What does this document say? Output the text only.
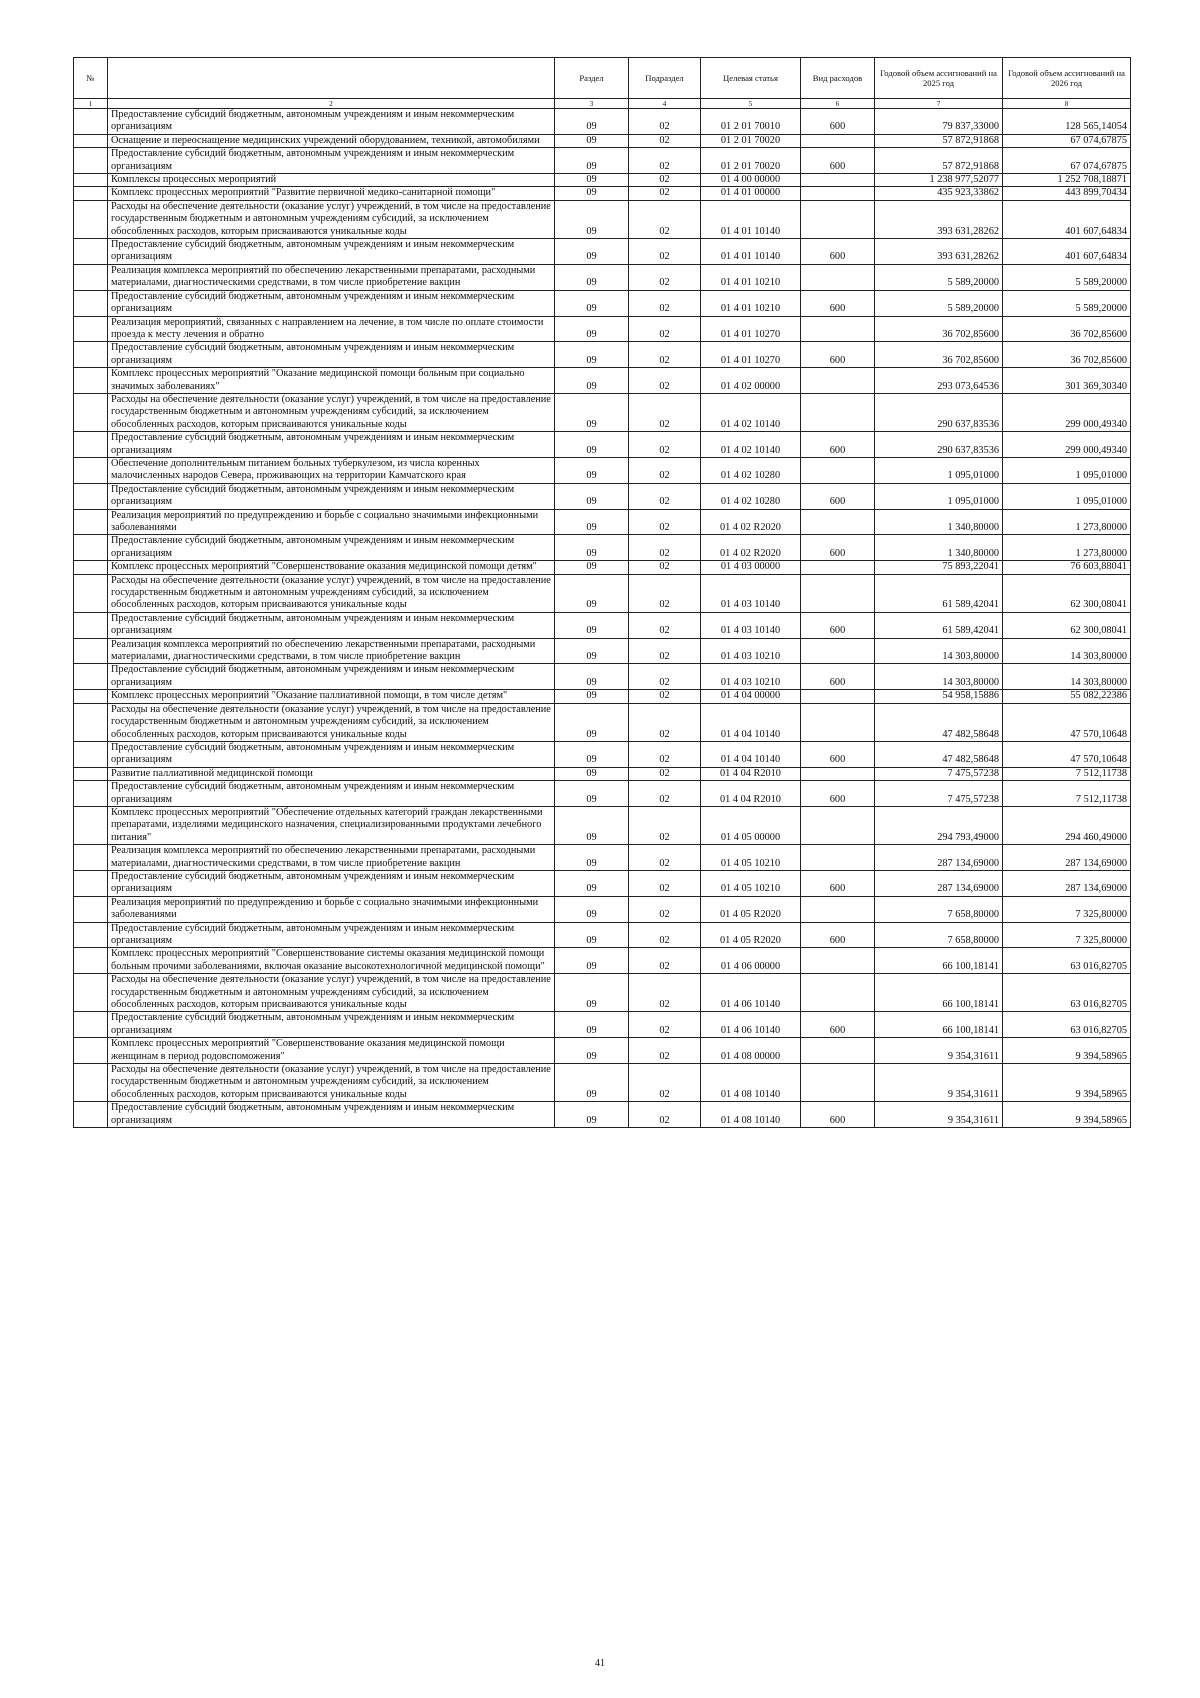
№		Раздел	Подраздел	Целевая статья	Вид расходов	Годовой объем ассигнований на 2025 год	Годовой объем ассигнований на 2026 год
1	2	3	4	5	6	7	8
	Предоставление субсидий бюджетным, автономным учреждениям и иным некоммерческим организациям	09	02	01 2 01 70010	600	79 837,33000	128 565,14054
	Оснащение и переоснащение медицинских учреждений оборудованием, техникой, автомобилями	09	02	01 2 01 70020		57 872,91868	67 074,67875
	Предоставление субсидий бюджетным, автономным учреждениям и иным некоммерческим организациям	09	02	01 2 01 70020	600	57 872,91868	67 074,67875
	Комплексы процессных мероприятий	09	02	01 4 00 00000		1 238 977,52077	1 252 708,18871
	Комплекс процессных мероприятий "Развитие первичной медико-санитарной помощи"	09	02	01 4 01 00000		435 923,33862	443 899,70434
	Расходы на обеспечение деятельности (оказание услуг) учреждений, в том числе на предоставление государственным бюджетным и автономным учреждениям субсидий, за исключением обособленных расходов, которым присваиваются уникальные коды	09	02	01 4 01 10140		393 631,28262	401 607,64834
	Предоставление субсидий бюджетным, автономным учреждениям и иным некоммерческим организациям	09	02	01 4 01 10140	600	393 631,28262	401 607,64834
	Реализация комплекса мероприятий по обеспечению лекарственными препаратами, расходными материалами, диагностическими средствами, в том числе приобретение вакцин	09	02	01 4 01 10210		5 589,20000	5 589,20000
	Предоставление субсидий бюджетным, автономным учреждениям и иным некоммерческим организациям	09	02	01 4 01 10210	600	5 589,20000	5 589,20000
	Реализация мероприятий, связанных с направлением на лечение, в том числе по оплате стоимости проезда к месту лечения и обратно	09	02	01 4 01 10270		36 702,85600	36 702,85600
	Предоставление субсидий бюджетным, автономным учреждениям и иным некоммерческим организациям	09	02	01 4 01 10270	600	36 702,85600	36 702,85600
	Комплекс процессных мероприятий "Оказание медицинской помощи больным при социально значимых заболеваниях"	09	02	01 4 02 00000		293 073,64536	301 369,30340
	Расходы на обеспечение деятельности (оказание услуг) учреждений, в том числе на предоставление государственным бюджетным и автономным учреждениям субсидий, за исключением обособленных расходов, которым присваиваются уникальные коды	09	02	01 4 02 10140		290 637,83536	299 000,49340
	Предоставление субсидий бюджетным, автономным учреждениям и иным некоммерческим организациям	09	02	01 4 02 10140	600	290 637,83536	299 000,49340
	Обеспечение дополнительным питанием больных туберкулезом, из числа коренных малочисленных народов Севера, проживающих на территории Камчатского края	09	02	01 4 02 10280		1 095,01000	1 095,01000
	Предоставление субсидий бюджетным, автономным учреждениям и иным некоммерческим организациям	09	02	01 4 02 10280	600	1 095,01000	1 095,01000
	Реализация мероприятий по предупреждению и борьбе с социально значимыми инфекционными заболеваниями	09	02	01 4 02 R2020		1 340,80000	1 273,80000
	Предоставление субсидий бюджетным, автономным учреждениям и иным некоммерческим организациям	09	02	01 4 02 R2020	600	1 340,80000	1 273,80000
	Комплекс процессных мероприятий "Совершенствование оказания медицинской помощи детям"	09	02	01 4 03 00000		75 893,22041	76 603,88041
	Расходы на обеспечение деятельности (оказание услуг) учреждений, в том числе на предоставление государственным бюджетным и автономным учреждениям субсидий, за исключением обособленных расходов, которым присваиваются уникальные коды	09	02	01 4 03 10140		61 589,42041	62 300,08041
	Предоставление субсидий бюджетным, автономным учреждениям и иным некоммерческим организациям	09	02	01 4 03 10140	600	61 589,42041	62 300,08041
	Реализация комплекса мероприятий по обеспечению лекарственными препаратами, расходными материалами, диагностическими средствами, в том числе приобретение вакцин	09	02	01 4 03 10210		14 303,80000	14 303,80000
	Предоставление субсидий бюджетным, автономным учреждениям и иным некоммерческим организациям	09	02	01 4 03 10210	600	14 303,80000	14 303,80000
	Комплекс процессных мероприятий "Оказание паллиативной помощи, в том числе детям"	09	02	01 4 04 00000		54 958,15886	55 082,22386
	Расходы на обеспечение деятельности (оказание услуг) учреждений, в том числе на предоставление государственным бюджетным и автономным учреждениям субсидий, за исключением обособленных расходов, которым присваиваются уникальные коды	09	02	01 4 04 10140		47 482,58648	47 570,10648
	Предоставление субсидий бюджетным, автономным учреждениям и иным некоммерческим организациям	09	02	01 4 04 10140	600	47 482,58648	47 570,10648
	Развитие паллиативной медицинской помощи	09	02	01 4 04 R2010		7 475,57238	7 512,11738
	Предоставление субсидий бюджетным, автономным учреждениям и иным некоммерческим организациям	09	02	01 4 04 R2010	600	7 475,57238	7 512,11738
	Комплекс процессных мероприятий "Обеспечение отдельных категорий граждан лекарственными препаратами, изделиями медицинского назначения, специализированными продуктами лечебного питания"	09	02	01 4 05 00000		294 793,49000	294 460,49000
	Реализация комплекса мероприятий по обеспечению лекарственными препаратами, расходными материалами, диагностическими средствами, в том числе приобретение вакцин	09	02	01 4 05 10210		287 134,69000	287 134,69000
	Предоставление субсидий бюджетным, автономным учреждениям и иным некоммерческим организациям	09	02	01 4 05 10210	600	287 134,69000	287 134,69000
	Реализация мероприятий по предупреждению и борьбе с социально значимыми инфекционными заболеваниями	09	02	01 4 05 R2020		7 658,80000	7 325,80000
	Предоставление субсидий бюджетным, автономным учреждениям и иным некоммерческим организациям	09	02	01 4 05 R2020	600	7 658,80000	7 325,80000
	Комплекс процессных мероприятий "Совершенствование системы оказания медицинской помощи больным прочими заболеваниями, включая оказание высокотехнологичной медицинской помощи"	09	02	01 4 06 00000		66 100,18141	63 016,82705
	Расходы на обеспечение деятельности (оказание услуг) учреждений, в том числе на предоставление государственным бюджетным и автономным учреждениям субсидий, за исключением обособленных расходов, которым присваиваются уникальные коды	09	02	01 4 06 10140		66 100,18141	63 016,82705
	Предоставление субсидий бюджетным, автономным учреждениям и иным некоммерческим организациям	09	02	01 4 06 10140	600	66 100,18141	63 016,82705
	Комплекс процессных мероприятий "Совершенствование оказания медицинской помощи женщинам в период родовспоможения"	09	02	01 4 08 00000		9 354,31611	9 394,58965
	Расходы на обеспечение деятельности (оказание услуг) учреждений, в том числе на предоставление государственным бюджетным и автономным учреждениям субсидий, за исключением обособленных расходов, которым присваиваются уникальные коды	09	02	01 4 08 10140		9 354,31611	9 394,58965
	Предоставление субсидий бюджетным, автономным учреждениям и иным некоммерческим организациям	09	02	01 4 08 10140	600	9 354,31611	9 394,58965
41
